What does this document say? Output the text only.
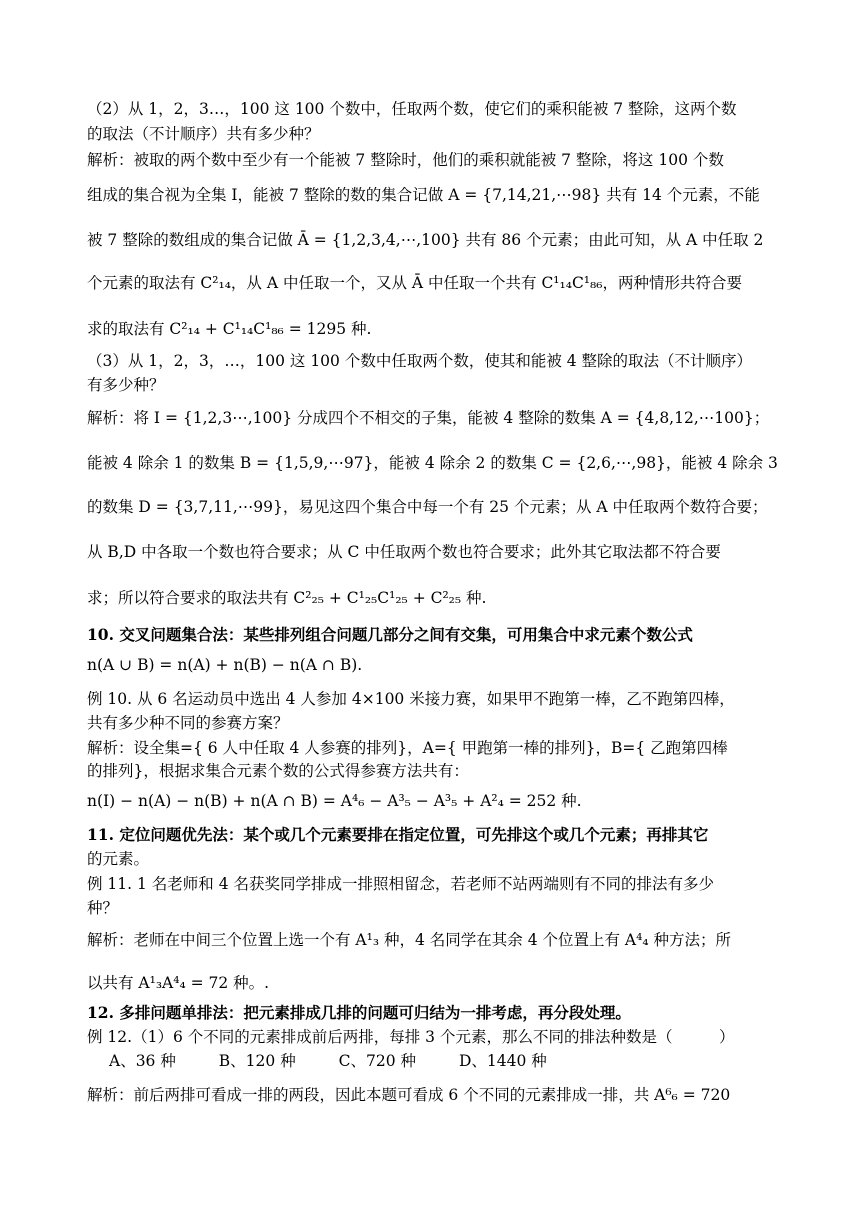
（2）从 1，2，3…，100 这 100 个数中，任取两个数，使它们的乘积能被 7 整除，这两个数
的取法（不计顺序）共有多少种？
解析：被取的两个数中至少有一个能被 7 整除时，他们的乘积就能被 7 整除，将这 100 个数
组成的集合视为全集 I，能被 7 整除的数的集合记做 A = {7,14,21,⋯98} 共有 14 个元素，不能
被 7 整除的数组成的集合记做 Ā = {1,2,3,4,⋯,100} 共有 86 个元素；由此可知，从 A 中任取 2
个元素的取法有 C²₁₄，从 A 中任取一个，又从 Ā 中任取一个共有 C¹₁₄C¹₈₆，两种情形共符合要
求的取法有 C²₁₄ + C¹₁₄C¹₈₆ = 1295 种.
（3）从 1，2，3，…，100 这 100 个数中任取两个数，使其和能被 4 整除的取法（不计顺序）
有多少种？
解析：将 I = {1,2,3⋯,100} 分成四个不相交的子集，能被 4 整除的数集 A = {4,8,12,⋯100}；
能被 4 除余 1 的数集 B = {1,5,9,⋯97}，能被 4 除余 2 的数集 C = {2,6,⋯,98}，能被 4 除余 3
的数集 D = {3,7,11,⋯99}，易见这四个集合中每一个有 25 个元素；从 A 中任取两个数符合要；
从 B,D 中各取一个数也符合要求；从 C 中任取两个数也符合要求；此外其它取法都不符合要
求；所以符合要求的取法共有 C²₂₅ + C¹₂₅C¹₂₅ + C²₂₅ 种.
10. 交叉问题集合法：某些排列组合问题几部分之间有交集，可用集合中求元素个数公式
n(A ∪ B) = n(A) + n(B) − n(A ∩ B).
例 10. 从 6 名运动员中选出 4 人参加 4×100 米接力赛，如果甲不跑第一棒，乙不跑第四棒，
共有多少种不同的参赛方案？
解析：设全集={ 6 人中任取 4 人参赛的排列}，A={ 甲跑第一棒的排列}，B={ 乙跑第四棒
的排列}，根据求集合元素个数的公式得参赛方法共有：
n(I) − n(A) − n(B) + n(A ∩ B) = A⁴₆ − A³₅ − A³₅ + A²₄ = 252 种.
11. 定位问题优先法：某个或几个元素要排在指定位置，可先排这个或几个元素；再排其它
的元素。
例 11. 1 名老师和 4 名获奖同学排成一排照相留念，若老师不站两端则有不同的排法有多少
种？
解析：老师在中间三个位置上选一个有 A¹₃ 种，4 名同学在其余 4 个位置上有 A⁴₄ 种方法；所
以共有 A¹₃A⁴₄ = 72 种。.
12. 多排问题单排法：把元素排成几排的问题可归结为一排考虑，再分段处理。
例 12.（1）6 个不同的元素排成前后两排，每排 3 个元素，那么不同的排法种数是（　　　）
A、36 种	B、120 种	C、720 种	D、1440 种
解析：前后两排可看成一排的两段，因此本题可看成 6 个不同的元素排成一排，共 A⁶₆ = 720
